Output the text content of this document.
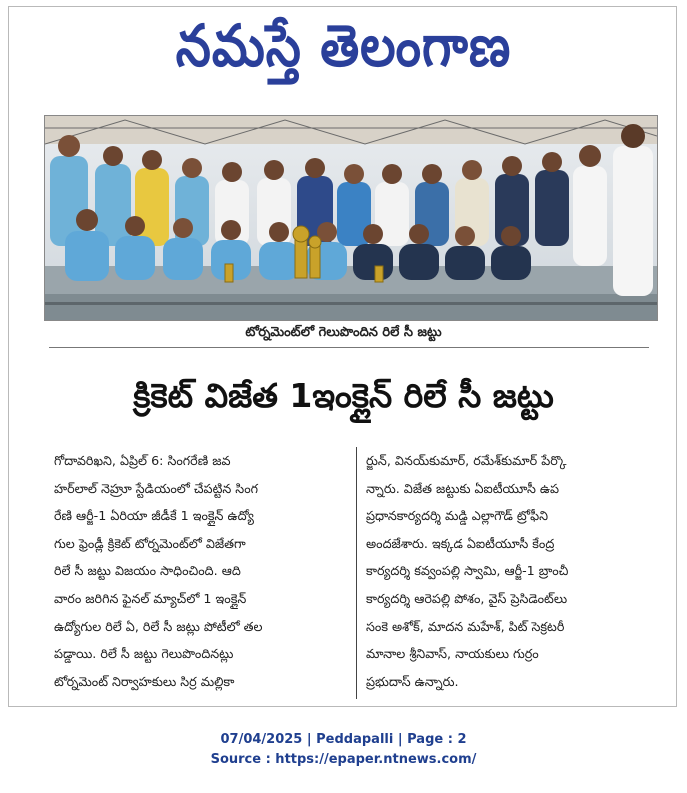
నమస్తే తెలంగాణ
టోర్నమెంట్‌లో గెలుపొందిన రిలే సీ జట్టు
క్రికెట్ విజేత 1ఇంక్లైన్ రిలే సీ జట్టు
గోదావరిఖని, ఏప్రిల్ 6: సింగరేణి జవ
హర్‌లాల్ నెహ్రూ స్టేడియంలో చేపట్టిన సింగ
రేణి ఆర్జీ-1 ఏరియా జీడీకే 1 ఇంక్లైన్ ఉద్యో
గుల ఫ్రెండ్లీ క్రికెట్ టోర్నమెంట్‌లో విజేతగా
రిలే సీ జట్టు విజయం సాధించింది. ఆది
వారం జరిగిన ఫైనల్ మ్యాచ్‌లో 1 ఇంక్లైన్
ఉద్యోగుల రిలే ఏ, రిలే సీ జట్లు పోటీలో తల
పడ్డాయి. రిలే సీ జట్టు గెలుపొందినట్లు
టోర్నమెంట్ నిర్వాహకులు సిర్ర మల్లికా
ర్జున్, వినయ్‌కుమార్, రమేశ్‌కుమార్ పేర్కొ
న్నారు. విజేత జట్టుకు ఏఐటీయూసీ ఉప
ప్రధానకార్యదర్శి మడ్డి ఎల్లాగౌడ్ ట్రోఫీని
అందజేశారు. ఇక్కడ ఏఐటీయూసీ కేంద్ర
కార్యదర్శి కవ్వంపల్లి స్వామి, ఆర్జీ-1 బ్రాంచీ
కార్యదర్శి ఆరెపల్లి పోశం, వైస్ ప్రెసిడెంట్‌లు
సంకె అశోక్, మాదన మహేశ్, పిట్ సెక్రటరీ
మానాల శ్రీనివాస్, నాయకులు గుర్రం
ప్రభుదాస్ ఉన్నారు.
07/04/2025 | Peddapalli | Page : 2
Source : https://epaper.ntnews.com/
